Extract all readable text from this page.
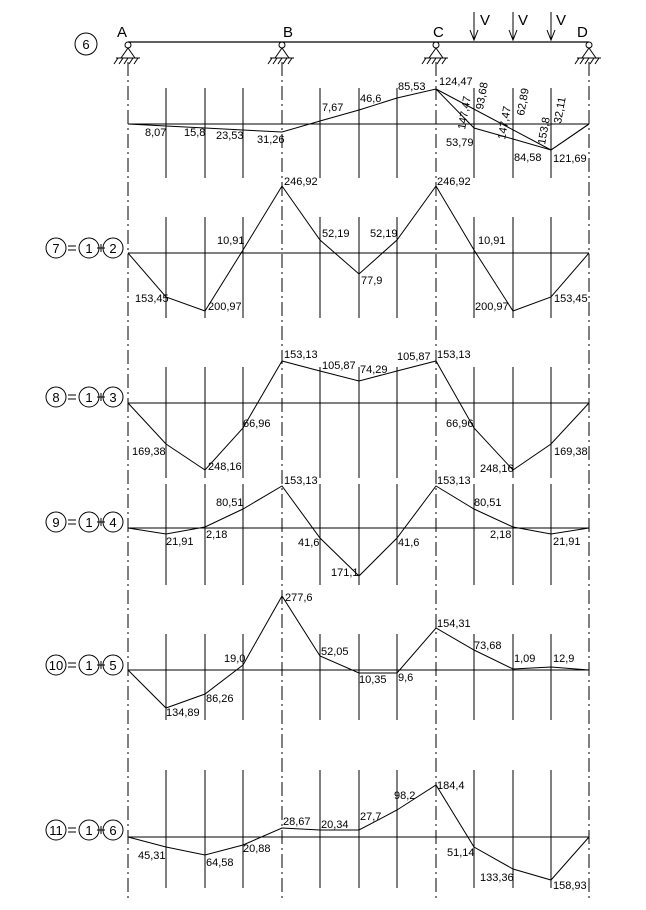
A	B	C	D
V V V
6
8,07 15,8 23,53 31,26
7,67
46,6
85,53 124,47
147,47 93,68
147,47
62,89
153,8
32,11
53,79
84,58 121,69
7 1 2
246,92	246,92
10,91
52,19 52,19
10,91
77,9
153,45
200,97	200,97
153,45
8 1 3
153,13
105,87 74,29
105,87 153,13
66,96	66,96
169,38
248,16	248,16
169,38
9 1 4
153,13	153,13
80,51	80,51
2,18	2,18
21,91	21,91
41,6	41,6
171,1
10 1 5
277,6
154,31
73,68
19,0
52,05
1,09 12,9
134,89
86,26
10,35 9,6
11 1 6
184,4
98,2
27,7
28,67 20,34
45,31
64,58
20,88	51,14
133,36
158,93
